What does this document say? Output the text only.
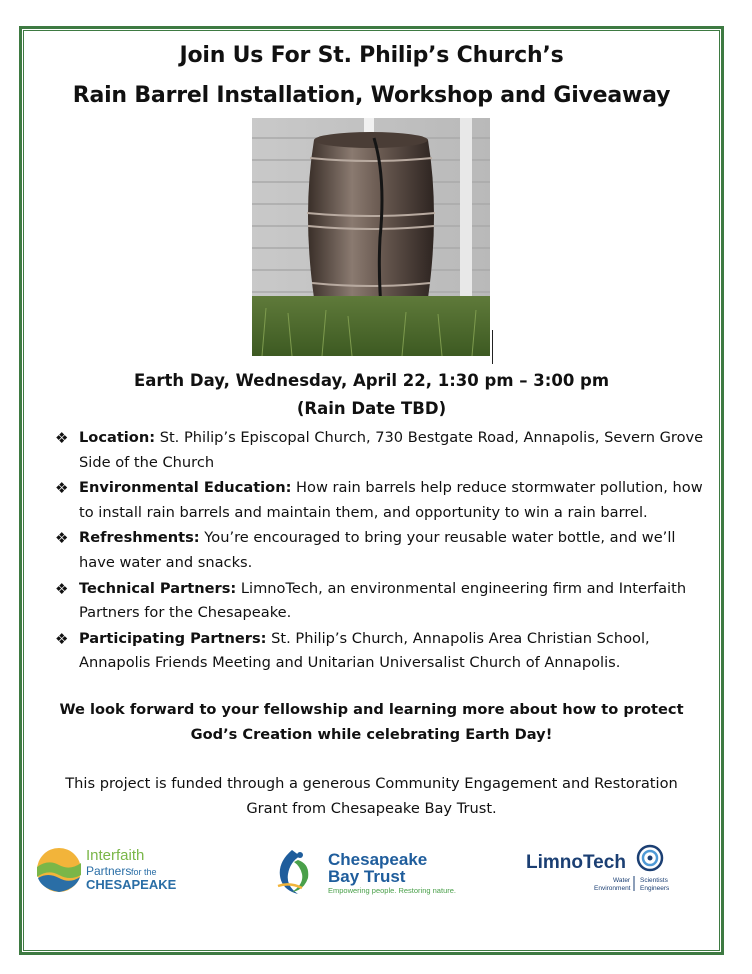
Join Us For St. Philip’s Church’s
Rain Barrel Installation, Workshop and Giveaway
Earth Day, Wednesday, April 22, 1:30 pm – 3:00 pm
(Rain Date TBD)
❖ Location: St. Philip’s Episcopal Church, 730 Bestgate Road, Annapolis, Severn Grove Side of the Church
❖ Environmental Education: How rain barrels help reduce stormwater pollution, how to install rain barrels and maintain them, and opportunity to win a rain barrel.
❖ Refreshments: You’re encouraged to bring your reusable water bottle, and we’ll have water and snacks.
❖ Technical Partners: LimnoTech, an environmental engineering firm and Interfaith Partners for the Chesapeake.
❖ Participating Partners: St. Philip’s Church, Annapolis Area Christian School, Annapolis Friends Meeting and Unitarian Universalist Church of Annapolis.
We look forward to your fellowship and learning more about how to protect
God’s Creation while celebrating Earth Day!
This project is funded through a generous Community Engagement and Restoration
Grant from Chesapeake Bay Trust.
Interfaith
Partners for the
CHESAPEAKE
Chesapeake
Bay Trust
Empowering people. Restoring nature.
LimnoTech
Water
Environment
Scientists
Engineers
